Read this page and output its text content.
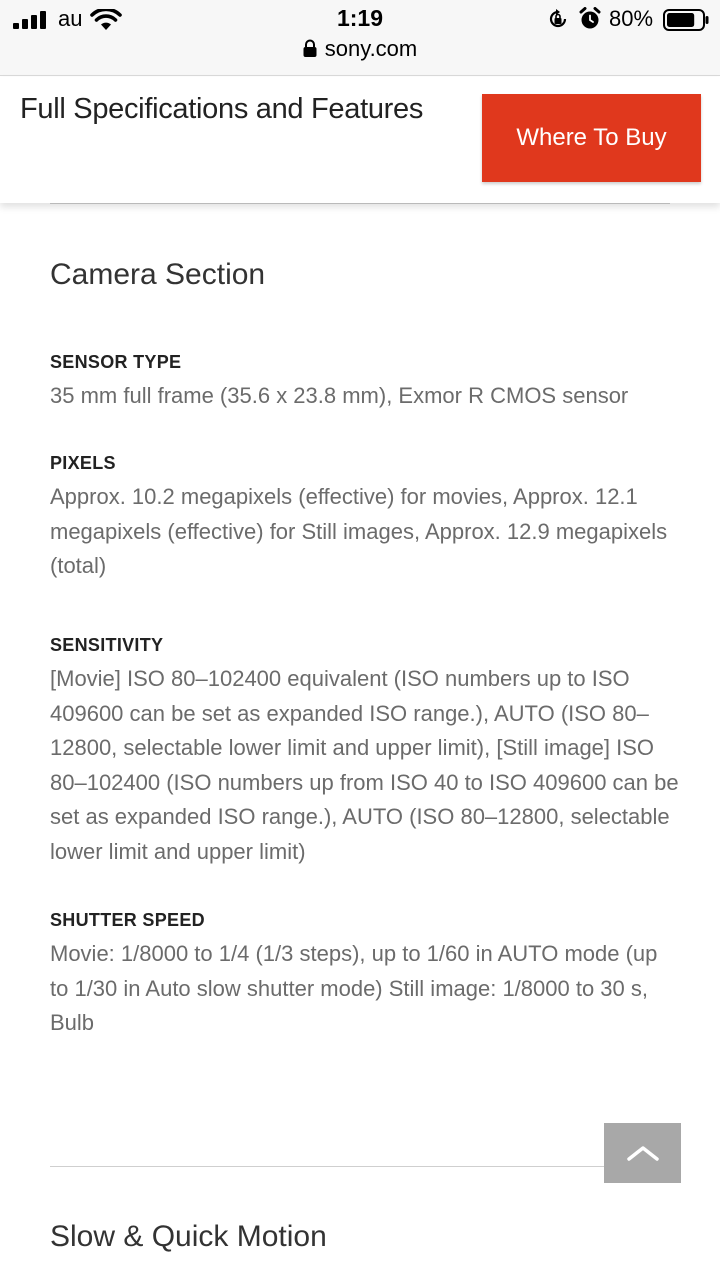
au	1:19	80%
sony.com
Full Specifications and Features
Where To Buy
Camera Section
SENSOR TYPE
35 mm full frame (35.6 x 23.8 mm), Exmor R CMOS sensor
PIXELS
Approx. 10.2 megapixels (effective) for movies, Approx. 12.1 megapixels (effective) for Still images, Approx. 12.9 megapixels (total)
SENSITIVITY
[Movie] ISO 80–102400 equivalent (ISO numbers up to ISO 409600 can be set as expanded ISO range.), AUTO (ISO 80–12800, selectable lower limit and upper limit), [Still image] ISO 80–102400 (ISO numbers up from ISO 40 to ISO 409600 can be set as expanded ISO range.), AUTO (ISO 80–12800, selectable lower limit and upper limit)
SHUTTER SPEED
Movie: 1/8000 to 1/4 (1/3 steps), up to 1/60 in AUTO mode (up to 1/30 in Auto slow shutter mode) Still image: 1/8000 to 30 s, Bulb
Slow & Quick Motion
